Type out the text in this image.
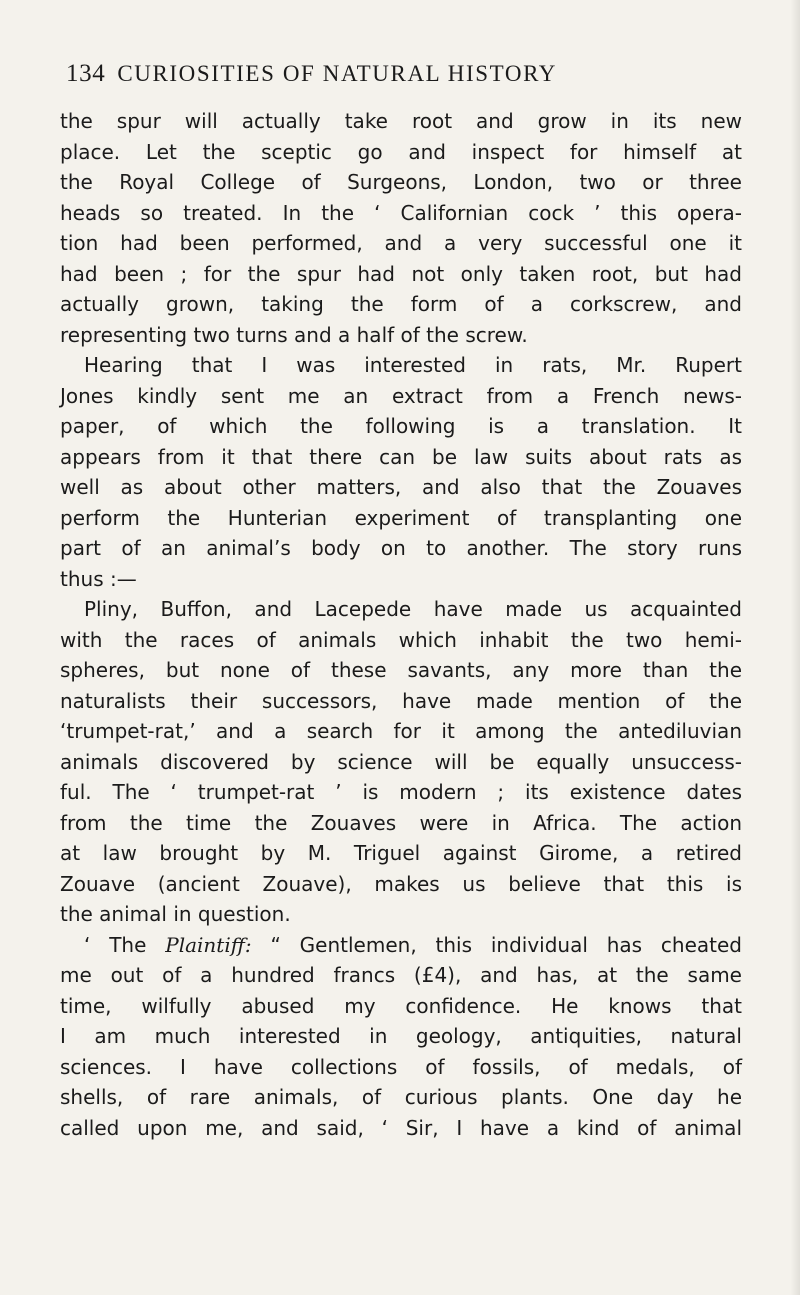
134 CURIOSITIES OF NATURAL HISTORY
the spur will actually take root and grow in its new
place. Let the sceptic go and inspect for himself at
the Royal College of Surgeons, London, two or three
heads so treated. In the ‘ Californian cock ’ this opera-
tion had been performed, and a very successful one it
had been ; for the spur had not only taken root, but had
actually grown, taking the form of a corkscrew, and
representing two turns and a half of the screw.
Hearing that I was interested in rats, Mr. Rupert
Jones kindly sent me an extract from a French news-
paper, of which the following is a translation. It
appears from it that there can be law suits about rats as
well as about other matters, and also that the Zouaves
perform the Hunterian experiment of transplanting one
part of an animal’s body on to another. The story runs
thus :—
Pliny, Buffon, and Lacepede have made us acquainted
with the races of animals which inhabit the two hemi-
spheres, but none of these savants, any more than the
naturalists their successors, have made mention of the
‘trumpet-rat,’ and a search for it among the antediluvian
animals discovered by science will be equally unsuccess-
ful. The ‘ trumpet-rat ’ is modern ; its existence dates
from the time the Zouaves were in Africa. The action
at law brought by M. Triguel against Girome, a retired
Zouave (ancient Zouave), makes us believe that this is
the animal in question.
‘ The Plaintiff: “ Gentlemen, this individual has cheated
me out of a hundred francs (£4), and has, at the same
time, wilfully abused my confidence. He knows that
I am much interested in geology, antiquities, natural
sciences. I have collections of fossils, of medals, of
shells, of rare animals, of curious plants. One day he
called upon me, and said, ‘ Sir, I have a kind of animal
